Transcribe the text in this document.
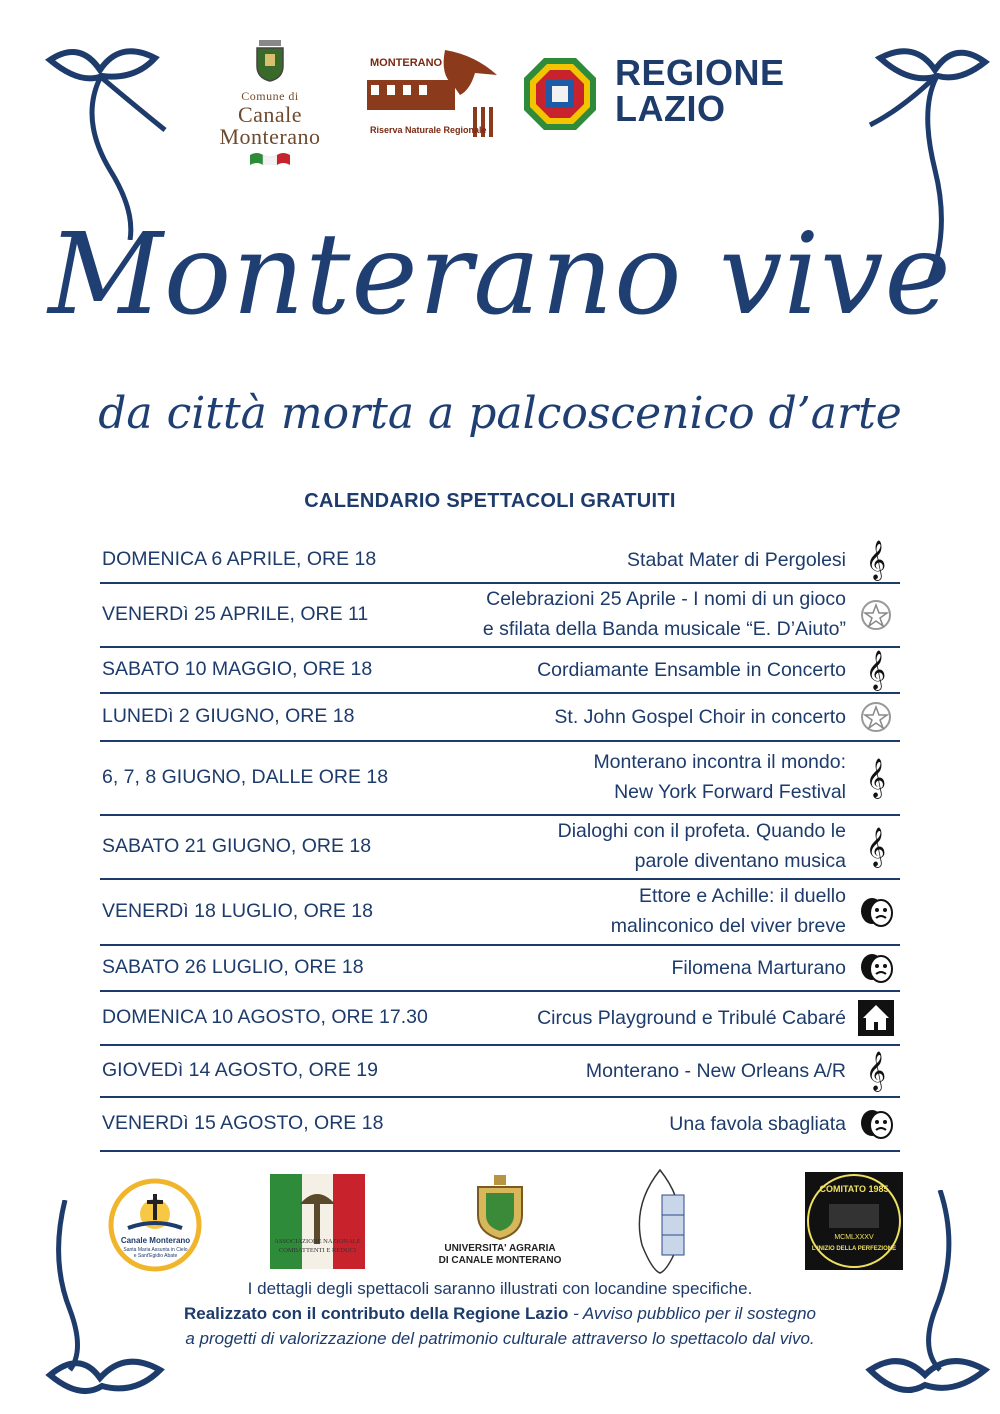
Comune di
Canale
Monterano
MONTERANO
Riserva Naturale Regionale
REGIONE
LAZIO
Monterano vive
da città morta a palcoscenico d’arte
CALENDARIO SPETTACOLI GRATUITI
DOMENICA 6 APRILE, ORE 18	Stabat Mater di Pergolesi 𝄞
VENERDì 25 APRILE, ORE 11
Celebrazioni 25 Aprile - I nomi di un gioco
e sfilata della Banda musicale “E. D’Aiuto”
SABATO 10 MAGGIO, ORE 18	Cordiamante Ensamble in Concerto 𝄞
LUNEDì 2 GIUGNO, ORE 18	St. John Gospel Choir in concerto
6, 7, 8 GIUGNO, DALLE ORE 18
Monterano incontra il mondo:
New York Forward Festival 𝄞
SABATO 21 GIUGNO, ORE 18
Dialoghi con il profeta. Quando le
parole diventano musica 𝄞
VENERDì 18 LUGLIO, ORE 18
Ettore e Achille: il duello
malinconico del viver breve
SABATO 26 LUGLIO, ORE 18	Filomena Marturano
DOMENICA 10 AGOSTO, ORE 17.30	Circus Playground e Tribulé Cabaré
GIOVEDì 14 AGOSTO, ORE 19	Monterano - New Orleans A/R 𝄞
VENERDì 15 AGOSTO, ORE 18	Una favola sbagliata
Canale Monterano
Santa Maria Assunta in Cielo
e Sant'Egidio Abate
ASSOCIAZIONE NAZIONALE
COMBATTENTI E REDUCI	UNIVERSITA' AGRARIA
DI CANALE MONTERANO
COMITATO 1985
MCMLXXXV
L'INIZIO DELLA PERFEZIONE
I dettagli degli spettacoli saranno illustrati con locandine specifiche.
Realizzato con il contributo della Regione Lazio - Avviso pubblico per il sostegno
a progetti di valorizzazione del patrimonio culturale attraverso lo spettacolo dal vivo.
